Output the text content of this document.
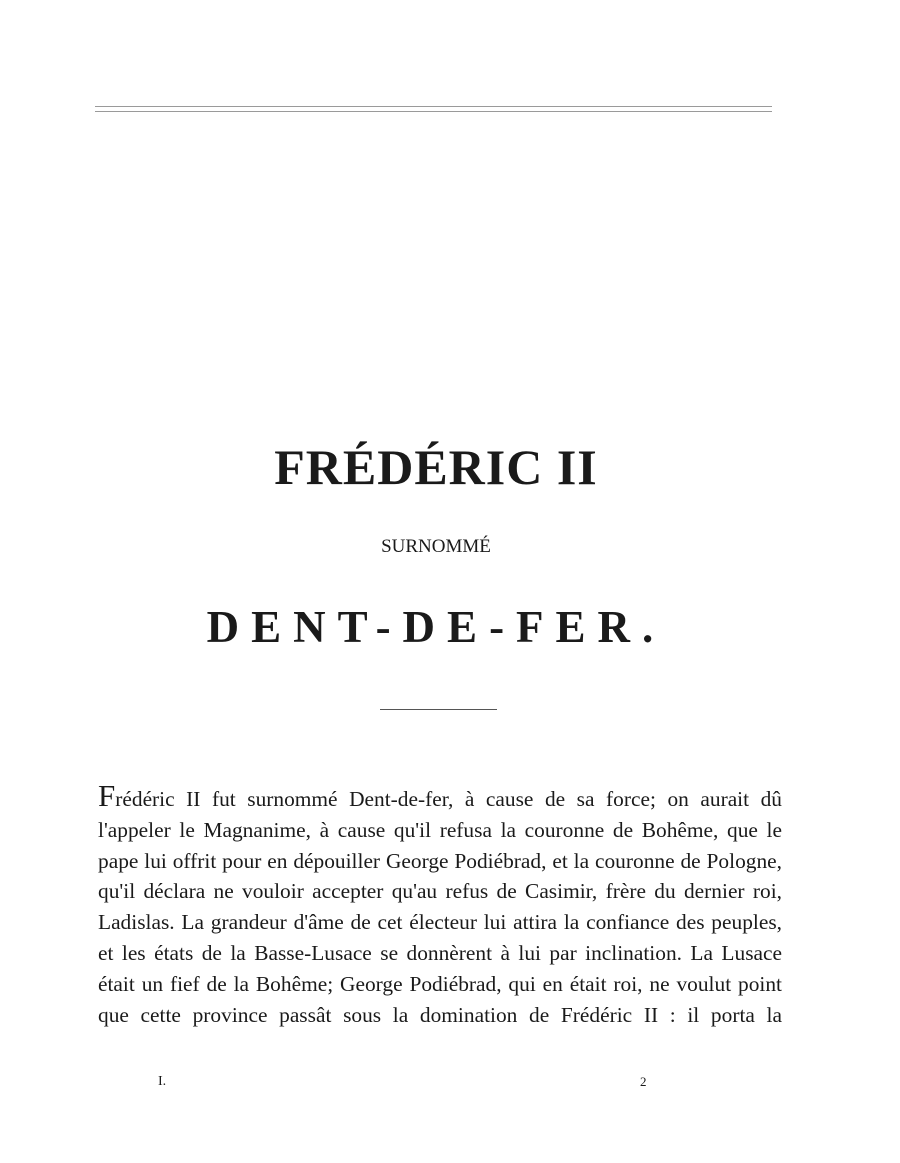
FRÉDÉRIC II

SURNOMMÉ

DENT-DE-FER.

Frédéric II fut surnommé Dent-de-fer, à cause de sa force; on aurait dû l'appeler le Magnanime, à cause qu'il refusa la couronne de Bohême, que le pape lui offrit pour en dépouiller George Podiébrad, et la couronne de Pologne, qu'il déclara ne vouloir accepter qu'au refus de Casimir, frère du dernier roi, Ladislas. La grandeur d'âme de cet électeur lui attira la confiance des peuples, et les états de la Basse-Lusace se donnèrent à lui par inclination. La Lusace était un fief de la Bohême; George Podiébrad, qui en était roi, ne voulut point que cette province passât sous la domination de Frédéric II : il porta la

I.	2
